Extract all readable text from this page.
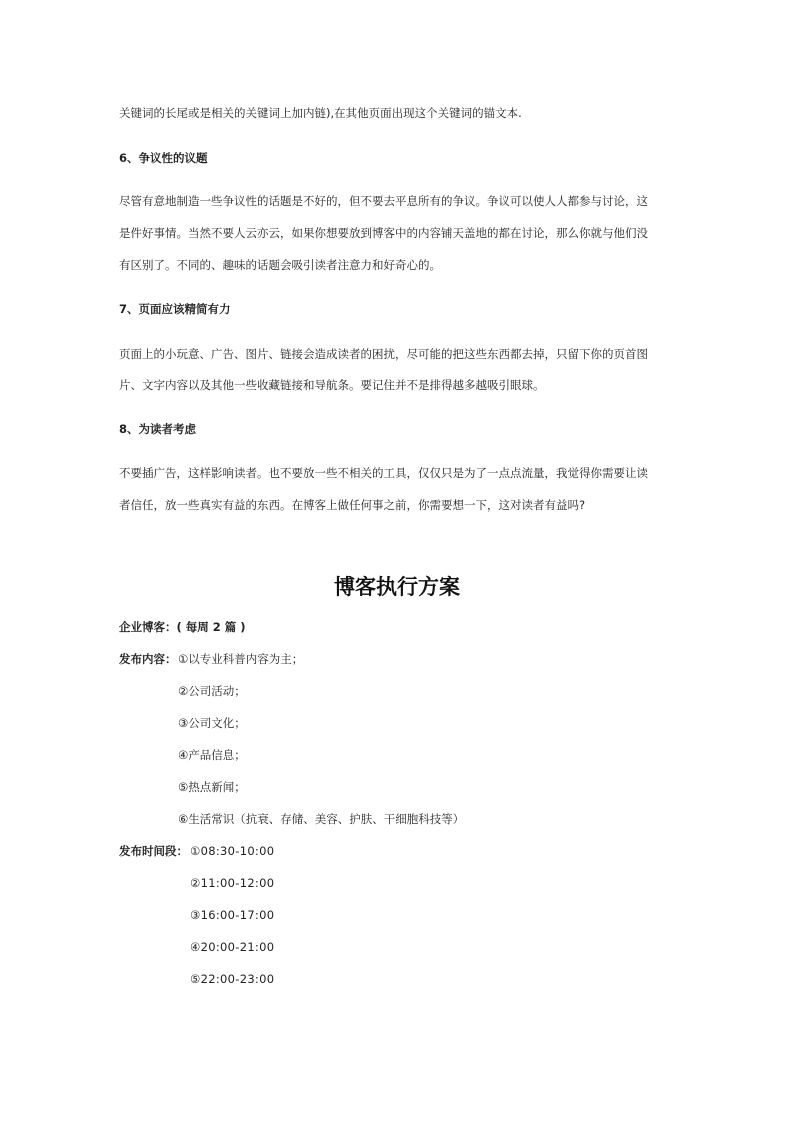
关键词的长尾或是相关的关键词上加内链),在其他页面出现这个关键词的锚文本.
6、争议性的议题
尽管有意地制造一些争议性的话题是不好的，但不要去平息所有的争议。争议可以使人人都参与讨论，这
是件好事情。当然不要人云亦云，如果你想要放到博客中的内容铺天盖地的都在讨论，那么你就与他们没
有区别了。不同的、趣味的话题会吸引读者注意力和好奇心的。
7、页面应该精简有力
页面上的小玩意、广告、图片、链接会造成读者的困扰，尽可能的把这些东西都去掉，只留下你的页首图
片、文字内容以及其他一些收藏链接和导航条。要记住并不是排得越多越吸引眼球。
8、为读者考虑
不要插广告，这样影响读者。也不要放一些不相关的工具，仅仅只是为了一点点流量，我觉得你需要让读
者信任，放一些真实有益的东西。在博客上做任何事之前，你需要想一下，这对读者有益吗?
博客执行方案
企业博客：( 每周 2 篇 )
发布内容： ①以专业科普内容为主；
②公司活动；
③公司文化；
④产品信息；
⑤热点新闻；
⑥生活常识（抗衰、存储、美容、护肤、干细胞科技等）
发布时间段： ①08:30-10:00
②11:00-12:00
③16:00-17:00
④20:00-21:00
⑤22:00-23:00
